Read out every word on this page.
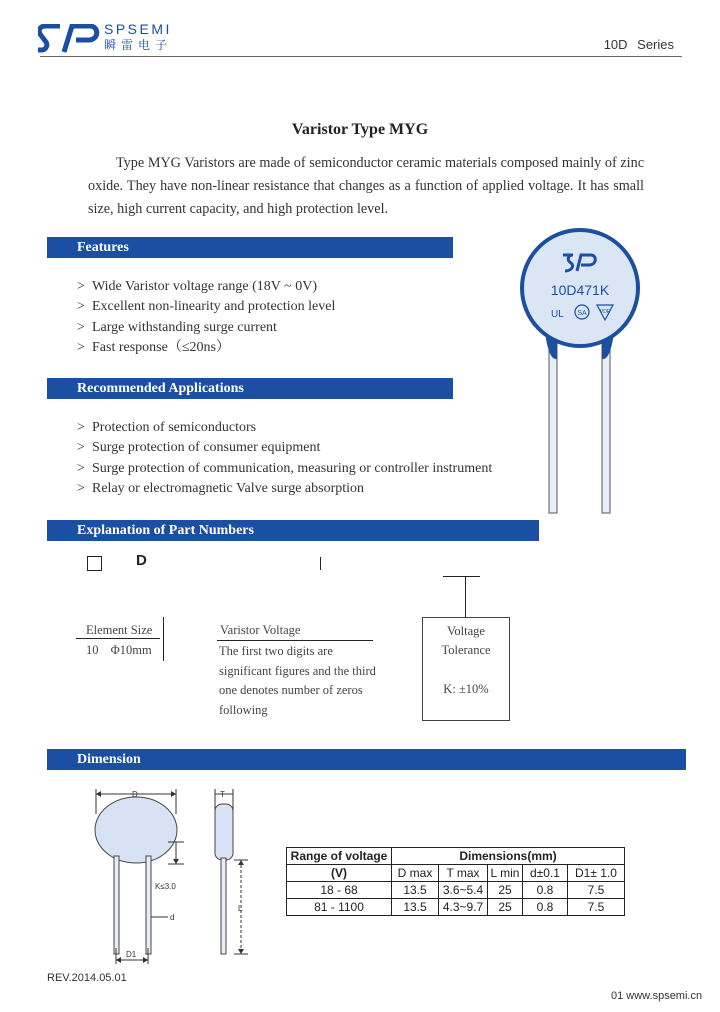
SPSEMI
瞬雷电子	10D Series
Varistor Type MYG
Type MYG Varistors are made of semiconductor ceramic materials composed mainly of zinc oxide. They have non-linear resistance that changes as a function of applied voltage. It has small size, high current capacity, and high protection level.
Features
> Wide Varistor voltage range (18V ~ 0V)
> Excellent non-linearity and protection level
> Large withstanding surge current
> Fast response（≤20ns）
10D471K
UL SA	VDE
Recommended Applications
> Protection of semiconductors
> Surge protection of consumer equipment
> Surge protection of communication, measuring or controller instrument
> Relay or electromagnetic Valve surge absorption
Explanation of Part Numbers
D
Voltage
Tolerance
K: ±10%
Element Size
10 Φ10mm
Varistor Voltage
The first two digits are significant figures and the third one denotes number of zeros following
Dimension
D	T
K≤3.0
d
L
D1
Range of voltage	Dimensions(mm)				
(V)	D max	T max	L min	d±0.1	D1± 1.0
18 - 68	13.5	3.6~5.4	25	0.8	7.5
81 - 1100	13.5	4.3~9.7	25	0.8	7.5
REV.2014.05.01
01 www.spsemi.cn
